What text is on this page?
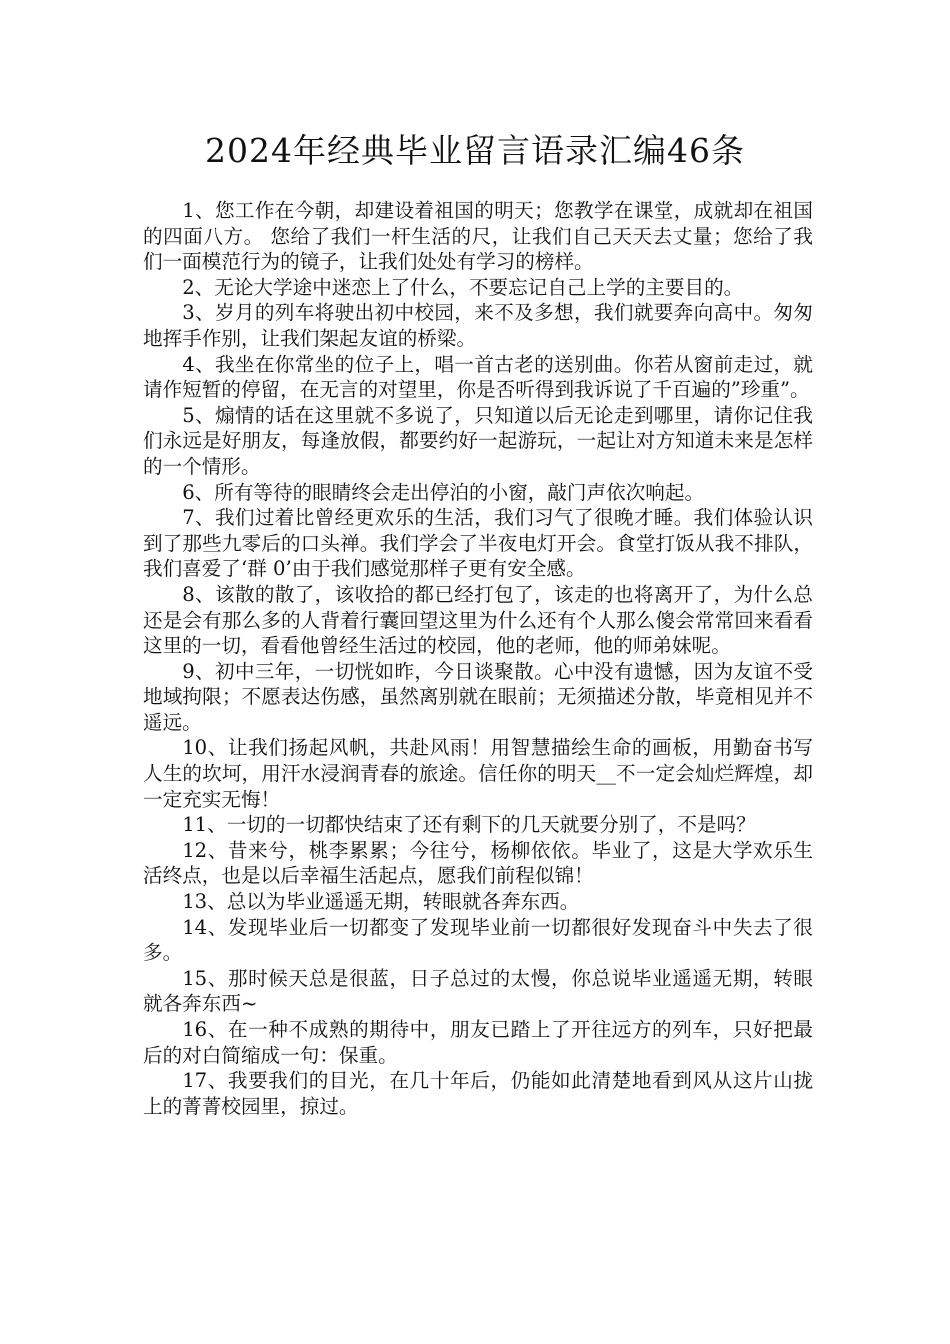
2024年经典毕业留言语录汇编46条

1、您工作在今朝，却建设着祖国的明天；您教学在课堂，成就却在祖国的四面八方。 您给了我们一杆生活的尺，让我们自己天天去丈量；您给了我们一面模范行为的镜子，让我们处处有学习的榜样。

2、无论大学途中迷恋上了什么，不要忘记自己上学的主要目的。

3、岁月的列车将驶出初中校园，来不及多想，我们就要奔向高中。匆匆地挥手作别，让我们架起友谊的桥梁。

4、我坐在你常坐的位子上，唱一首古老的送别曲。你若从窗前走过，就请作短暂的停留，在无言的对望里，你是否听得到我诉说了千百遍的”珍重”。

5、煽情的话在这里就不多说了，只知道以后无论走到哪里，请你记住我们永远是好朋友，每逢放假，都要约好一起游玩，一起让对方知道未来是怎样的一个情形。

6、所有等待的眼睛终会走出停泊的小窗，敲门声依次响起。

7、我们过着比曾经更欢乐的生活，我们习气了很晚才睡。我们体验认识到了那些九零后的口头禅。我们学会了半夜电灯开会。食堂打饭从我不排队，我们喜爱了‘群 0’由于我们感觉那样子更有安全感。

8、该散的散了，该收拾的都已经打包了，该走的也将离开了，为什么总还是会有那么多的人背着行囊回望这里为什么还有个人那么傻会常常回来看看这里的一切，看看他曾经生活过的校园，他的老师，他的师弟妹呢。

9、初中三年，一切恍如昨，今日谈聚散。心中没有遗憾，因为友谊不受地域拘限；不愿表达伤感，虽然离别就在眼前；无须描述分散，毕竟相见并不遥远。

10、让我们扬起风帆，共赴风雨！用智慧描绘生命的画板，用勤奋书写人生的坎坷，用汗水浸润青春的旅途。信任你的明天__不一定会灿烂辉煌，却一定充实无悔！

11、一切的一切都快结束了还有剩下的几天就要分别了，不是吗？

12、昔来兮，桃李累累；今往兮，杨柳依依。毕业了，这是大学欢乐生活终点，也是以后幸福生活起点，愿我们前程似锦！

13、总以为毕业遥遥无期，转眼就各奔东西。

14、发现毕业后一切都变了发现毕业前一切都很好发现奋斗中失去了很多。

15、那时候天总是很蓝，日子总过的太慢，你总说毕业遥遥无期，转眼就各奔东西~

16、在一种不成熟的期待中，朋友已踏上了开往远方的列车，只好把最后的对白简缩成一句：保重。

17、我要我们的目光，在几十年后，仍能如此清楚地看到风从这片山拢上的菁菁校园里，掠过。
